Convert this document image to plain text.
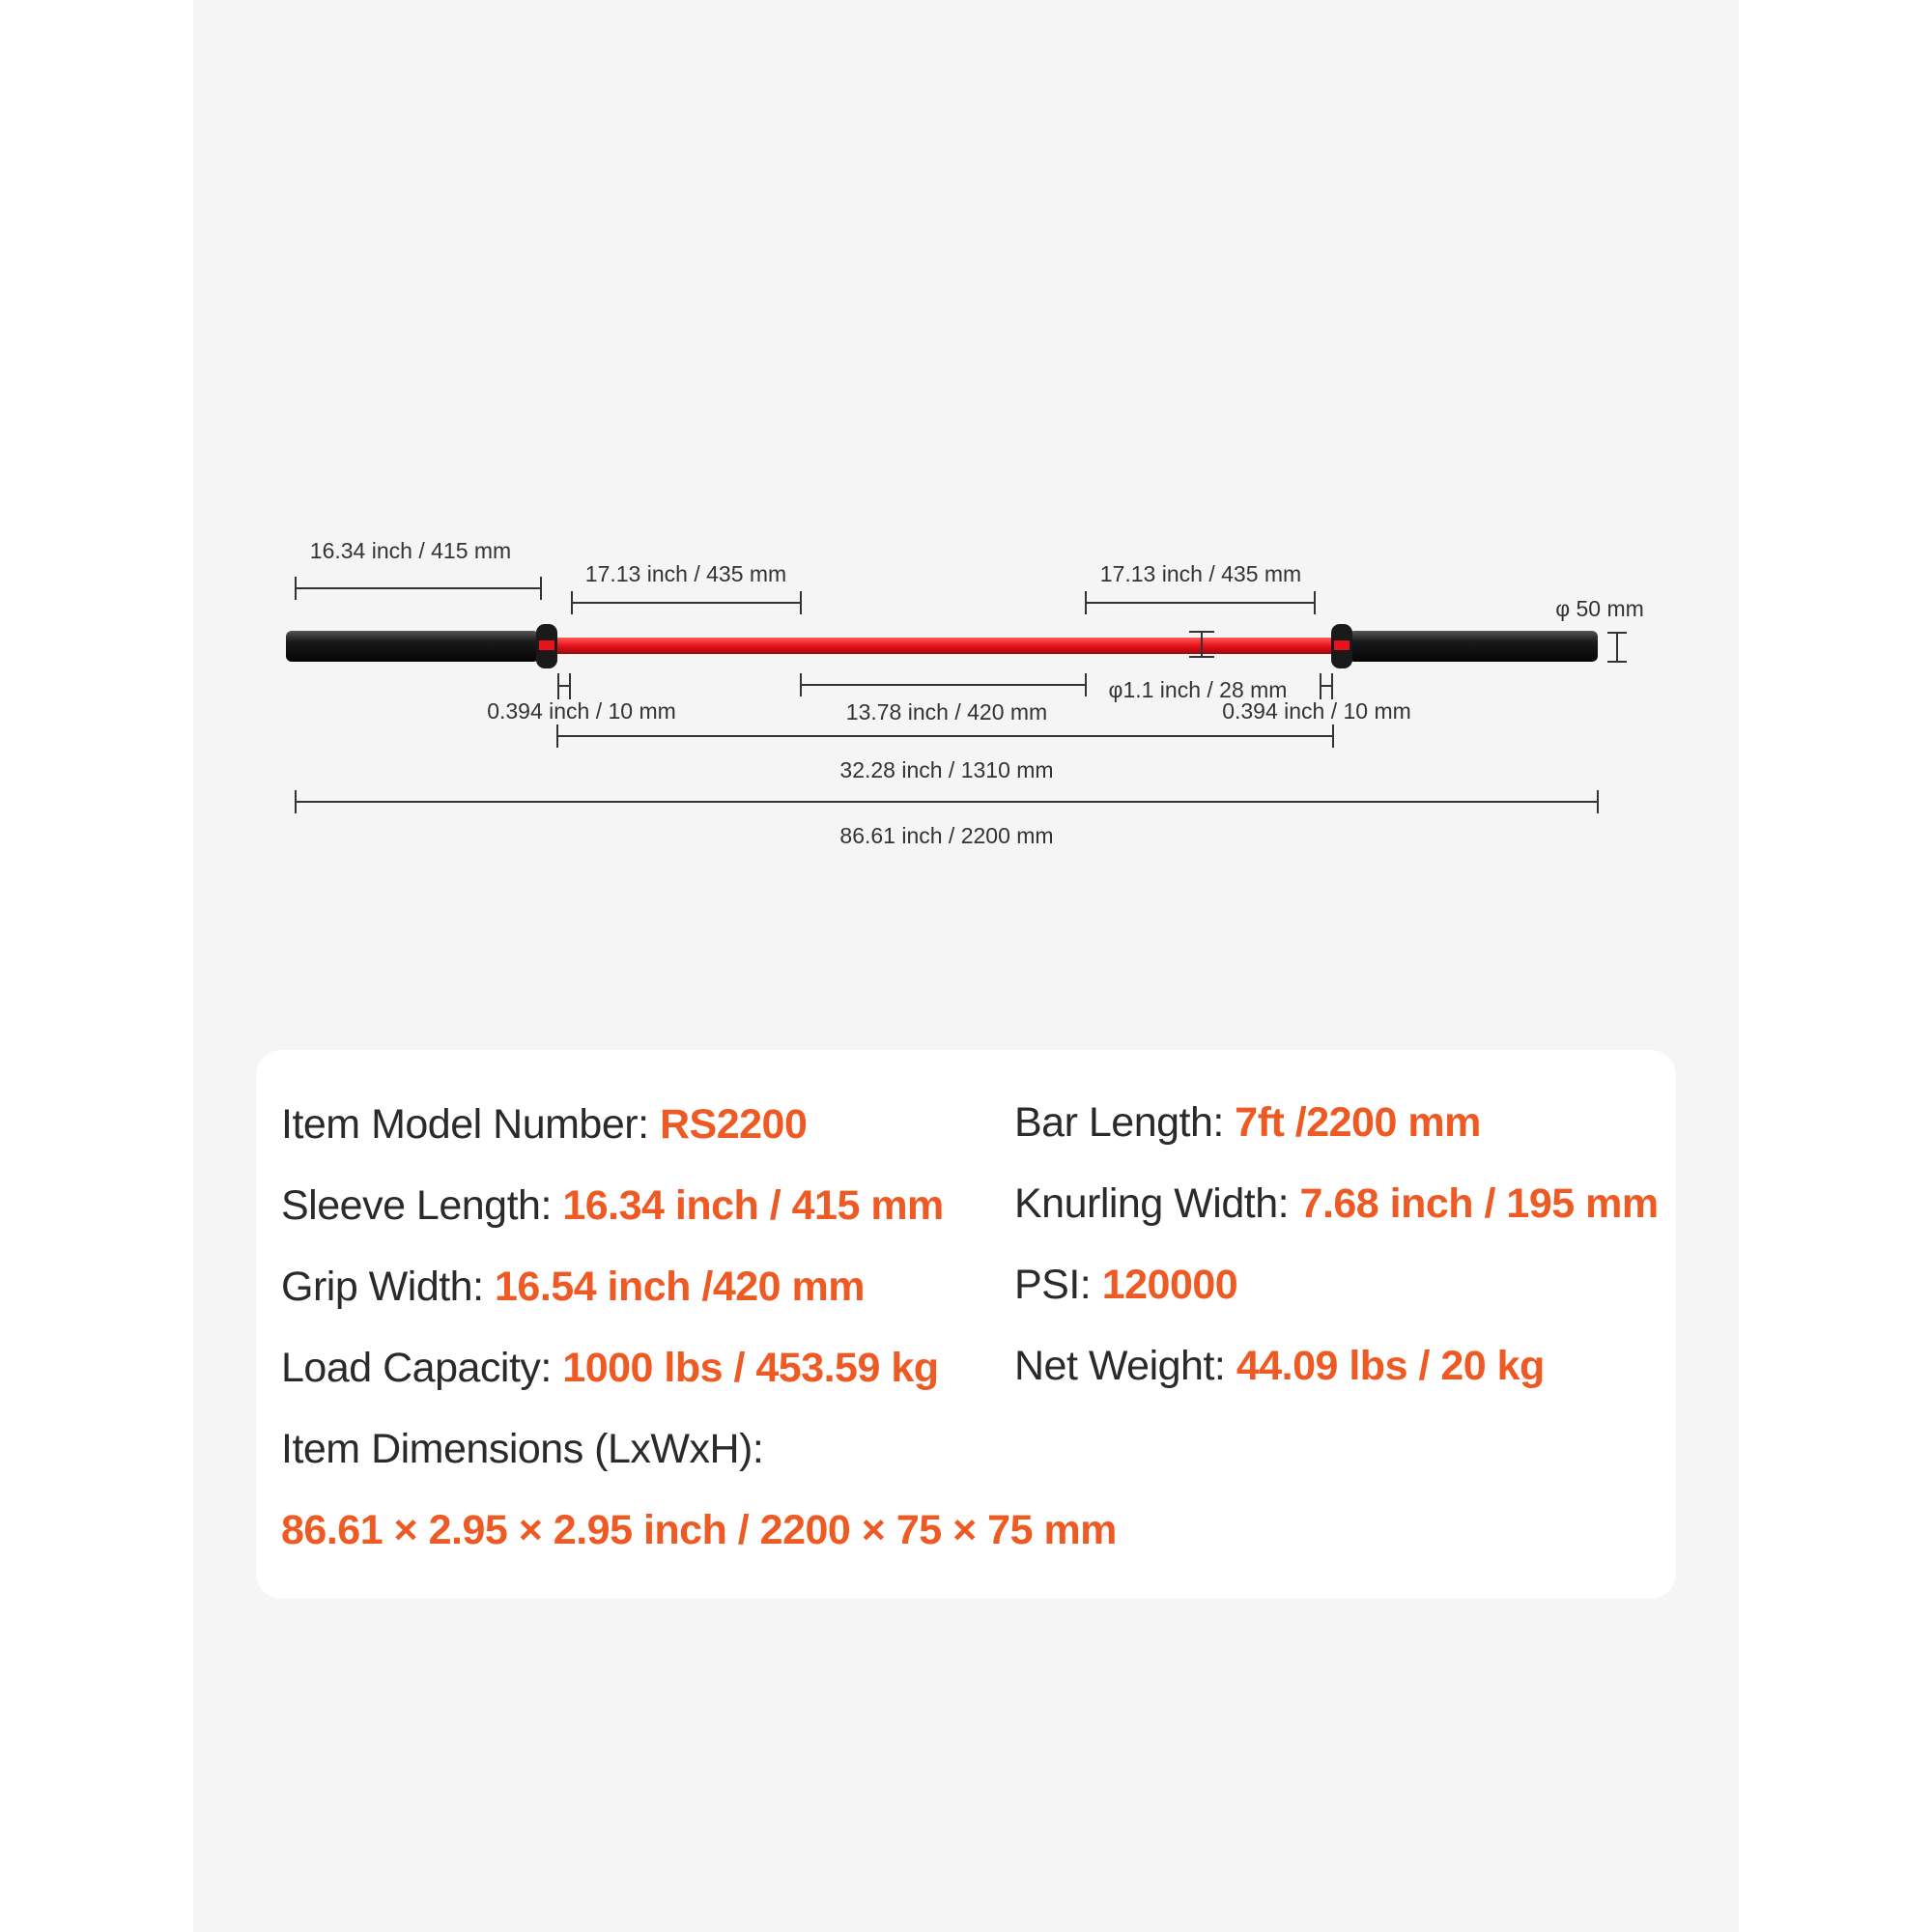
16.34 inch / 415 mm
17.13 inch / 435 mm	17.13 inch / 435 mm
φ 50 mm
φ1.1 inch / 28 mm
0.394 inch / 10 mm	13.78 inch / 420 mm	0.394 inch / 10 mm
32.28 inch / 1310 mm
86.61 inch / 2200 mm
Item Model Number: RS2200	Bar Length: 7ft /2200 mm
Sleeve Length: 16.34 inch / 415 mm Knurling Width: 7.68 inch / 195 mm
Grip Width: 16.54 inch /420 mm	PSI: 120000
Load Capacity: 1000 lbs / 453.59 kg Net Weight: 44.09 lbs / 20 kg
Item Dimensions (LxWxH):
86.61 × 2.95 × 2.95 inch / 2200 × 75 × 75 mm
